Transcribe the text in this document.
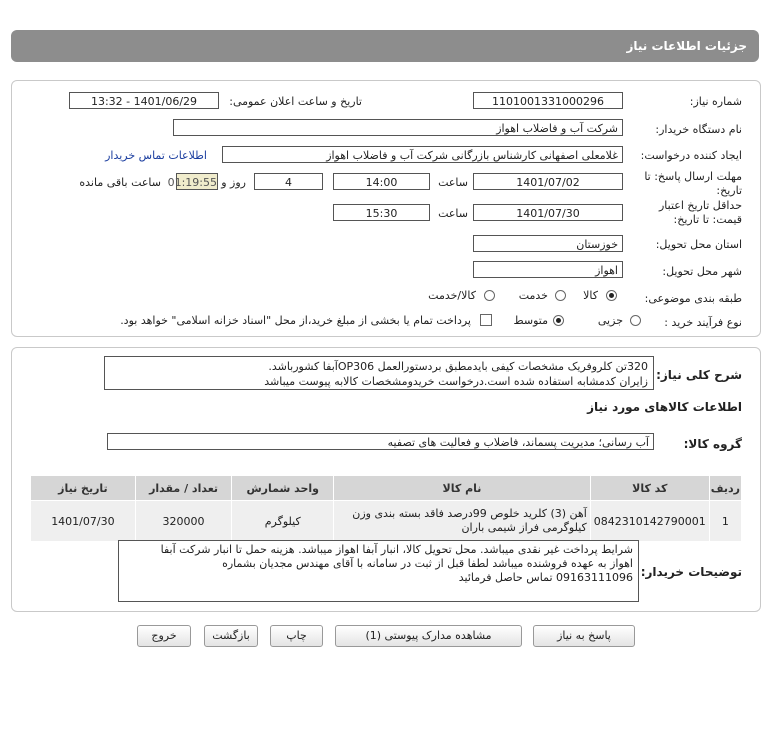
جزئیات اطلاعات نیاز
شماره نیاز:
1101001331000296
تاریخ و ساعت اعلان عمومی:
1401/06/29 - 13:32
نام دستگاه خریدار:
شرکت آب و فاضلاب اهواز
ایجاد کننده درخواست:
غلامعلی اصفهانی کارشناس بازرگانی شرکت آب و فاضلاب اهواز
اطلاعات تماس خریدار
مهلت ارسال پاسخ: تا تاریخ:
1401/07/02
ساعت
14:00
4
روز و
01:19:55
ساعت باقی مانده
حداقل تاریخ اعتبار قیمت: تا تاریخ:
1401/07/30
ساعت
15:30
استان محل تحویل:
خوزستان
شهر محل تحویل:
اهواز
طبقه بندی موضوعی:
کالا
خدمت
کالا/خدمت
نوع فرآیند خرید :
جزیی
متوسط
پرداخت تمام یا بخشی از مبلغ خرید،از محل "اسناد خزانه اسلامی" خواهد بود.
شرح کلی نیاز:
320تن کلروفریک مشخصات کیفی بایدمطبق بردستورالعمل OP306آبفا کشورباشد.
زایران کدمشابه استفاده شده است.درخواست خریدومشخصات کالابه پیوست میباشد
اطلاعات کالاهای مورد نیاز
گروه کالا:
آب رسانی؛ مدیریت پسماند، فاضلاب و فعالیت های تصفیه
ردیف	کد کالا	نام کالا	واحد شمارش	تعداد / مقدار	تاریخ نیاز
1	0842310142790001	آهن (3) کلرید خلوص 99درصد فاقد بسته بندی وزن کیلوگرمی فراز شیمی باران	کیلوگرم	320000	1401/07/30
توضیحات خریدار:
شرایط پرداخت غیر نقدی میباشد. محل تحویل کالا، انبار آبفا اهواز میباشد. هزینه حمل تا انبار شرکت آبفا
اهواز به عهده فروشنده میباشد لطفا قبل از ثبت در سامانه با آقای مهندس مجدیان بشماره
09163111096 تماس حاصل فرمائید
پاسخ به نیاز
مشاهده مدارک پیوستی (1)
چاپ
بازگشت
خروج
